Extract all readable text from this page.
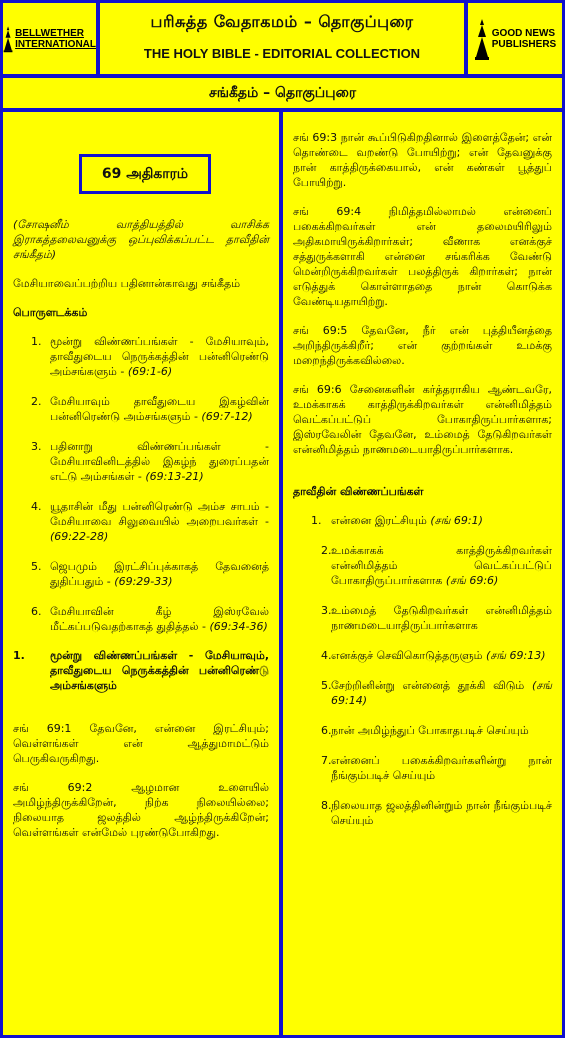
BELLWETHER
INTERNATIONAL
பரிசுத்த வேதாகமம் – தொகுப்புரை
THE HOLY BIBLE - EDITORIAL COLLECTION
GOOD NEWS
PUBLISHERS
சங்கீதம் – தொகுப்புரை
69 அதிகாரம்

(சோஷனீம் வாத்தியத்தில் வாசிக்க இராகத்தலைவனுக்கு ஒப்புவிக்கப்பட்ட தாவீதின் சங்கீதம்)

மேசியாவைப்பற்றிய பதினான்காவது சங்கீதம்

பொருளடக்கம்

1. மூன்று விண்ணப்பங்கள் - மேசியாவும், தாவீதுடைய நெருக்கத்தின் பன்னிரெண்டு அம்சங்களும் - (69:1-6)
2. மேசியாவும் தாவீதுடைய இகழ்வின் பன்னிரெண்டு அம்சங்களும் - (69:7-12)
3. பதினாறு விண்ணப்பங்கள் - மேசியாவினிடத்தில் இகழ்ந் துரைப்பதன் எட்டு அம்சங்கள் - (69:13-21)
4. யூதாசின் மீது பன்னிரெண்டு அம்ச சாபம் - மேசியாவை சிலுவையில் அறைபவர்கள் - (69:22-28)
5. ஜெபமும் இரட்சிப்புக்காகத் தேவனைத் துதிப்பதும் - (69:29-33)
6. மேசியாவின் கீழ் இஸ்ரவேல் மீட்கப்படுவதற்காகத் துதித்தல் - (69:34-36)
1. மூன்று விண்ணப்பங்கள் - மேசியாவும், தாவீதுடைய நெருக்கத்தின் பன்னிரெண்டு அம்சங்களும்

சங் 69:1 தேவனே, என்னை இரட்சியும்; வெள்ளங்கள் என் ஆத்துமாமட்டும் பெருகிவருகிறது.

சங் 69:2 ஆழமான உளையில் அமிழ்ந்திருக்கிறேன், நிற்க நிலையில்லை; நிலையாத ஜலத்தில் ஆழ்ந்திருக்கிறேன்; வெள்ளங்கள் என்மேல் புரண்டுபோகிறது.

சங் 69:3 நான் கூப்பிடுகிறதினால் இளைத்தேன்; என் தொண்டை வறண்டு போயிற்று; என் தேவனுக்கு நான் காத்திருக்கையால், என் கண்கள் பூத்துப் போயிற்று.

சங் 69:4 நிமித்தமில்லாமல் என்னைப் பகைக்கிறவர்கள் என் தலைமயிரிலும் அதிகமாயிருக்கிறார்கள்; வீணாக எனக்குச் சத்துருக்களாகி என்னை சங்கரிக்க வேண்டு மென்றிருக்கிறவர்கள் பலத்திருக் கிறார்கள்; நான் எடுத்துக் கொள்ளாததை நான் கொடுக்க வேண்டியதாயிற்று.

சங் 69:5 தேவனே, நீர் என் புத்தியீனத்தை அறிந்திருக்கிறீர்; என் குற்றங்கள் உமக்கு மறைந்திருக்கவில்லை.

சங் 69:6 சேனைகளின் கர்த்தராகிய ஆண்டவரே, உமக்காகக் காத்திருக்கிறவர்கள் என்னிமித்தம் வெட்கப்பட்டுப் போகாதிருப்பார்களாக; இஸ்ரவேலின் தேவனே, உம்மைத் தேடுகிறவர்கள் என்னிமித்தம் நாணமடையாதிருப்பார்களாக.

தாவீதின் விண்ணப்பங்கள்

1. என்னை இரட்சியும் (சங் 69:1)
2. உமக்காகக் காத்திருக்கிறவர்கள் என்னிமித்தம் வெட்கப்பட்டுப் போகாதிருப்பார்களாக (சங் 69:6)
3. உம்மைத் தேடுகிறவர்கள் என்னிமித்தம் நாணமடையாதிருப்பார்களாக
4. எனக்குச் செவிகொடுத்தருளும் (சங் 69:13)
5. சேற்றினின்று என்னைத் தூக்கி விடும் (சங் 69:14)
6. நான் அமிழ்ந்துப் போகாதபடிச் செய்யும்
7. என்னைப் பகைக்கிறவர்களின்று நான் நீங்கும்படிச் செய்யும்
8. நிலையாத ஜலத்தினின்றும் நான் நீங்கும்படிச் செய்யும்
